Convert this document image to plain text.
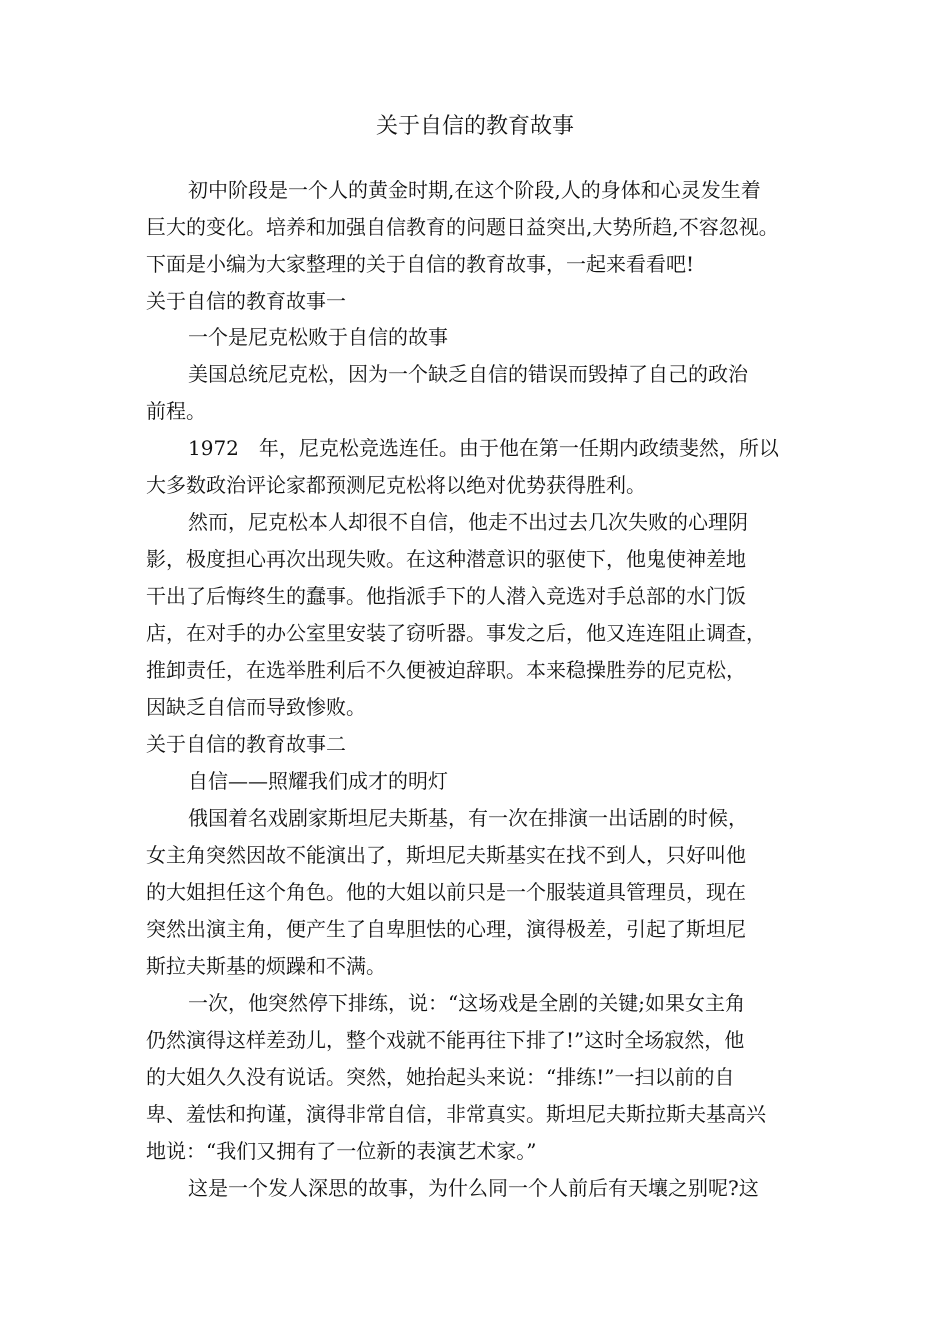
关于自信的教育故事
初中阶段是一个人的黄金时期,在这个阶段,人的身体和心灵发生着
巨大的变化。培养和加强自信教育的问题日益突出,大势所趋,不容忽视。
下面是小编为大家整理的关于自信的教育故事，一起来看看吧!
关于自信的教育故事一
一个是尼克松败于自信的故事
美国总统尼克松，因为一个缺乏自信的错误而毁掉了自己的政治
前程。
1972　年，尼克松竞选连任。由于他在第一任期内政绩斐然，所以
大多数政治评论家都预测尼克松将以绝对优势获得胜利。
然而，尼克松本人却很不自信，他走不出过去几次失败的心理阴
影，极度担心再次出现失败。在这种潜意识的驱使下，他鬼使神差地
干出了后悔终生的蠢事。他指派手下的人潜入竞选对手总部的水门饭
店，在对手的办公室里安装了窃听器。事发之后，他又连连阻止调查，
推卸责任，在选举胜利后不久便被迫辞职。本来稳操胜券的尼克松，
因缺乏自信而导致惨败。
关于自信的教育故事二
自信——照耀我们成才的明灯
俄国着名戏剧家斯坦尼夫斯基，有一次在排演一出话剧的时候，
女主角突然因故不能演出了，斯坦尼夫斯基实在找不到人，只好叫他
的大姐担任这个角色。他的大姐以前只是一个服装道具管理员，现在
突然出演主角，便产生了自卑胆怯的心理，演得极差，引起了斯坦尼
斯拉夫斯基的烦躁和不满。
一次，他突然停下排练，说：“这场戏是全剧的关键;如果女主角
仍然演得这样差劲儿，整个戏就不能再往下排了!”这时全场寂然，他
的大姐久久没有说话。突然，她抬起头来说：“排练!”一扫以前的自
卑、羞怯和拘谨，演得非常自信，非常真实。斯坦尼夫斯拉斯夫基高兴
地说：“我们又拥有了一位新的表演艺术家。”
这是一个发人深思的故事，为什么同一个人前后有天壤之别呢?这
